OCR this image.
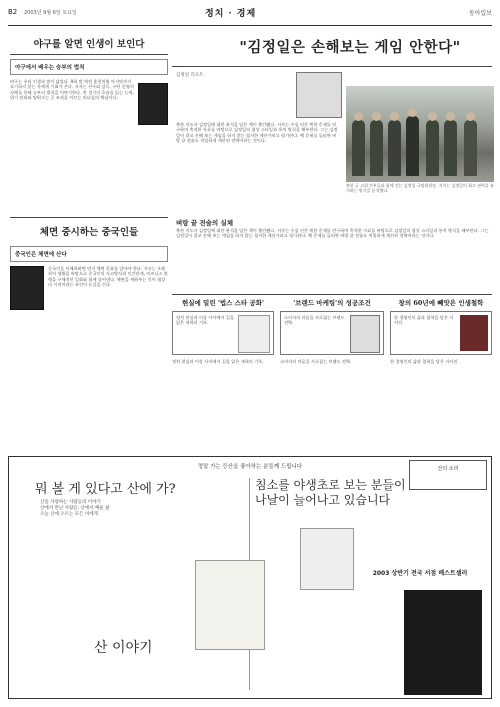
B2 2003년 9월 6일 토요일	정치 · 경제	동아일보
야구를 알면 인생이 보인다
야구에서 배우는 승부의 법칙
야구는 우리 인생과 많이 닮았다. 9회 말 역전 홈런처럼 마지막까지 포기하지 않는 자에게 기회가 온다. 저자는 선수와 감독, 구단 운영의 사례를 통해 승부의 법칙을 이야기한다. 한 경기의 흐름을 읽는 능력, 위기 관리와 팀워크는 곧 조직을 이끄는 리더십의 핵심이다.
체면 중시하는 중국인들
중국인은 체면에 산다
중국인을 이해하려면 먼저 체면 문화를 알아야 한다. 저자는 오랜 현지 생활을 바탕으로 중국인의 사고방식과 인간관계, 비즈니스 관행을 구체적인 일화와 함께 풀어낸다. 체면을 세워주는 것이 협상의 시작이라는 조언이 눈길을 끈다.
"김정일은 손해보는 게임 안한다"
김정일 리포트
북한 지도자 김정일에 대한 분석을 담은 책이 출간됐다. 저자는 수십 년간 북한 문제를 연구하며 축적한 자료를 바탕으로 김정일의 협상 스타일과 통치 방식을 해부한다. 그는 김정일이 결코 손해 보는 게임을 하지 않는 철저한 계산가라고 평가한다. 핵 문제를 둘러싼 벼랑 끝 전술도 치밀하게 계산된 전략이라는 것이다.
북한 군 고위 간부들과 함께 걷는 김정일 국방위원장. 저자는 김정일이 최고 권력을 유지하는 방식을 분석했다.
벼랑 끝 전술의 실체
북한 지도자 김정일에 대한 분석을 담은 책이 출간됐다. 저자는 수십 년간 북한 문제를 연구하며 축적한 자료를 바탕으로 김정일의 협상 스타일과 통치 방식을 해부한다. 그는 김정일이 결코 손해 보는 게임을 하지 않는 철저한 계산가라고 평가한다. 핵 문제를 둘러싼 벼랑 끝 전술도 치밀하게 계산된 전략이라는 것이다.
현실에 밀린 '법스 스타 공화'
정치 현실과 이상 사이에서 길을 잃은 개혁의 기록.
정치 현실과 이상 사이에서 길을 잃은 개혁의 기록.
'브랜드 마케팅'의 성공조건
소비자의 마음을 사로잡는 브랜드 전략.
소비자의 마음을 사로잡는 브랜드 전략.
창의 60년에 빼앗은 인생철학
한 경영인의 삶과 철학을 담은 자서전.
한 경영인의 삶과 철학을 담은 자서전.
정말 가는 등산을 좋아하는 분들께 드립니다	산의 소리
뭐 볼 게 있다고 산에 가?
산을 사랑하는 사람들의 이야기
산에서 만난 사람들, 산에서 배운 삶
오늘 산에 오르는 모든 이에게
산 이야기
침소를 야생초로 보는 분들이
나날이 늘어나고 있습니다
2003 상반기 전국 서점 베스트셀러
